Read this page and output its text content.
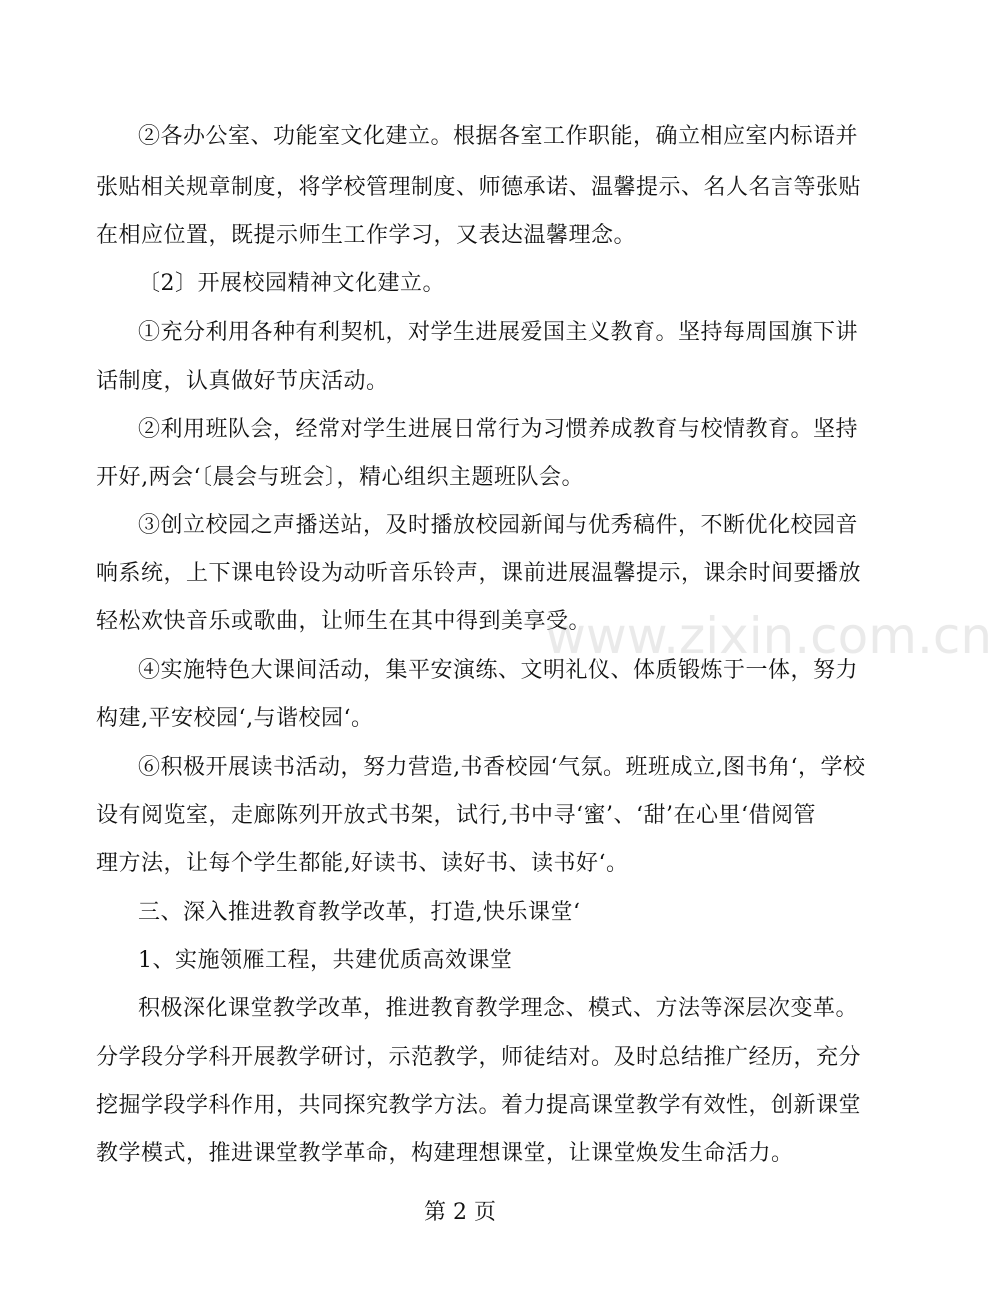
②各办公室、功能室文化建立。根据各室工作职能，确立相应室内标语并
张贴相关规章制度，将学校管理制度、师德承诺、温馨提示、名人名言等张贴
在相应位置，既提示师生工作学习，又表达温馨理念。
〔2〕开展校园精神文化建立。
①充分利用各种有利契机，对学生进展爱国主义教育。坚持每周国旗下讲
话制度，认真做好节庆活动。
②利用班队会，经常对学生进展日常行为习惯养成教育与校情教育。坚持
开好‚两会‘〔晨会与班会〕，精心组织主题班队会。
③创立校园之声播送站，及时播放校园新闻与优秀稿件，不断优化校园音
响系统，上下课电铃设为动听音乐铃声，课前进展温馨提示，课余时间要播放
轻松欢快音乐或歌曲，让师生在其中得到美享受。
④实施特色大课间活动，集平安演练、文明礼仪、体质锻炼于一体，努力
构建‚平安校园‘‚与谐校园‘。
⑥积极开展读书活动，努力营造‚书香校园‘气氛。班班成立‚图书角‘，学校
设有阅览室，走廊陈列开放式书架，试行‚书中寻‘蜜’、‘甜’在心里‘借阅管
理方法，让每个学生都能‚好读书、读好书、读书好‘。
三、深入推进教育教学改革，打造‚快乐课堂‘
1、实施领雁工程，共建优质高效课堂
积极深化课堂教学改革，推进教育教学理念、模式、方法等深层次变革。
分学段分学科开展教学研讨，示范教学，师徒结对。及时总结推广经历，充分
挖掘学段学科作用，共同探究教学方法。着力提高课堂教学有效性，创新课堂
教学模式，推进课堂教学革命，构建理想课堂，让课堂焕发生命活力。
www.zixin.com.cn
第 2 页
